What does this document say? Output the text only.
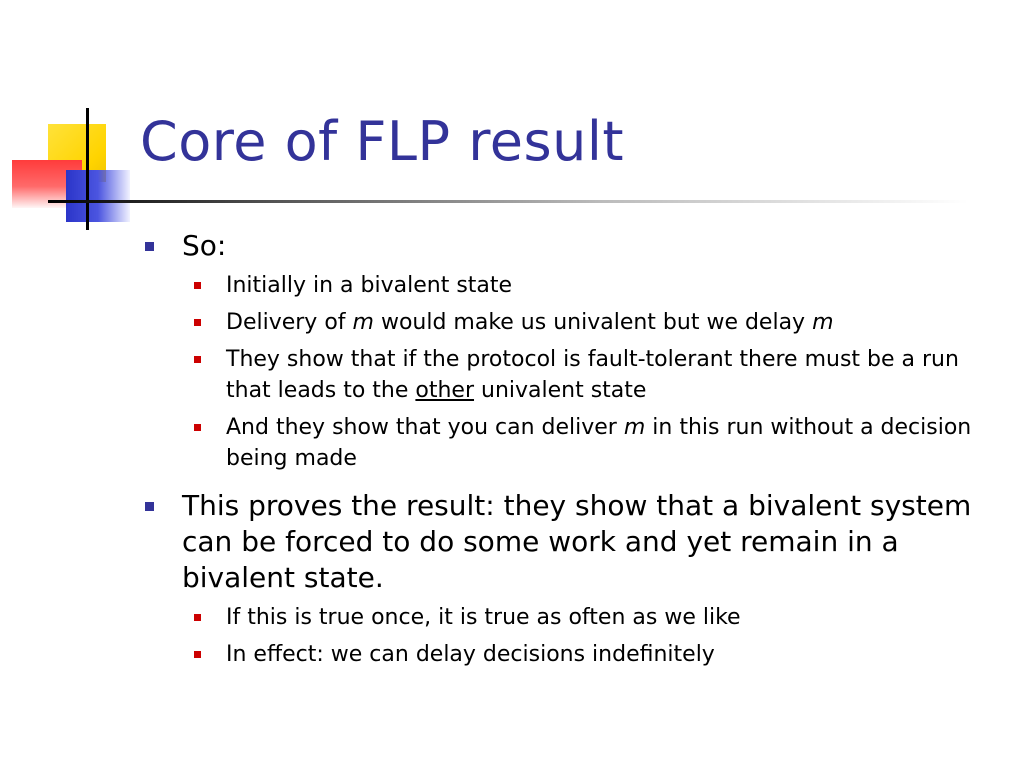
Core of FLP result
So:
Initially in a bivalent state
Delivery of m would make us univalent but we delay m
They show that if the protocol is fault-tolerant there must be a run that leads to the other univalent state
And they show that you can deliver m in this run without a decision being made
This proves the result: they show that a bivalent system can be forced to do some work and yet remain in a bivalent state.
If this is true once, it is true as often as we like
In effect: we can delay decisions indefinitely
